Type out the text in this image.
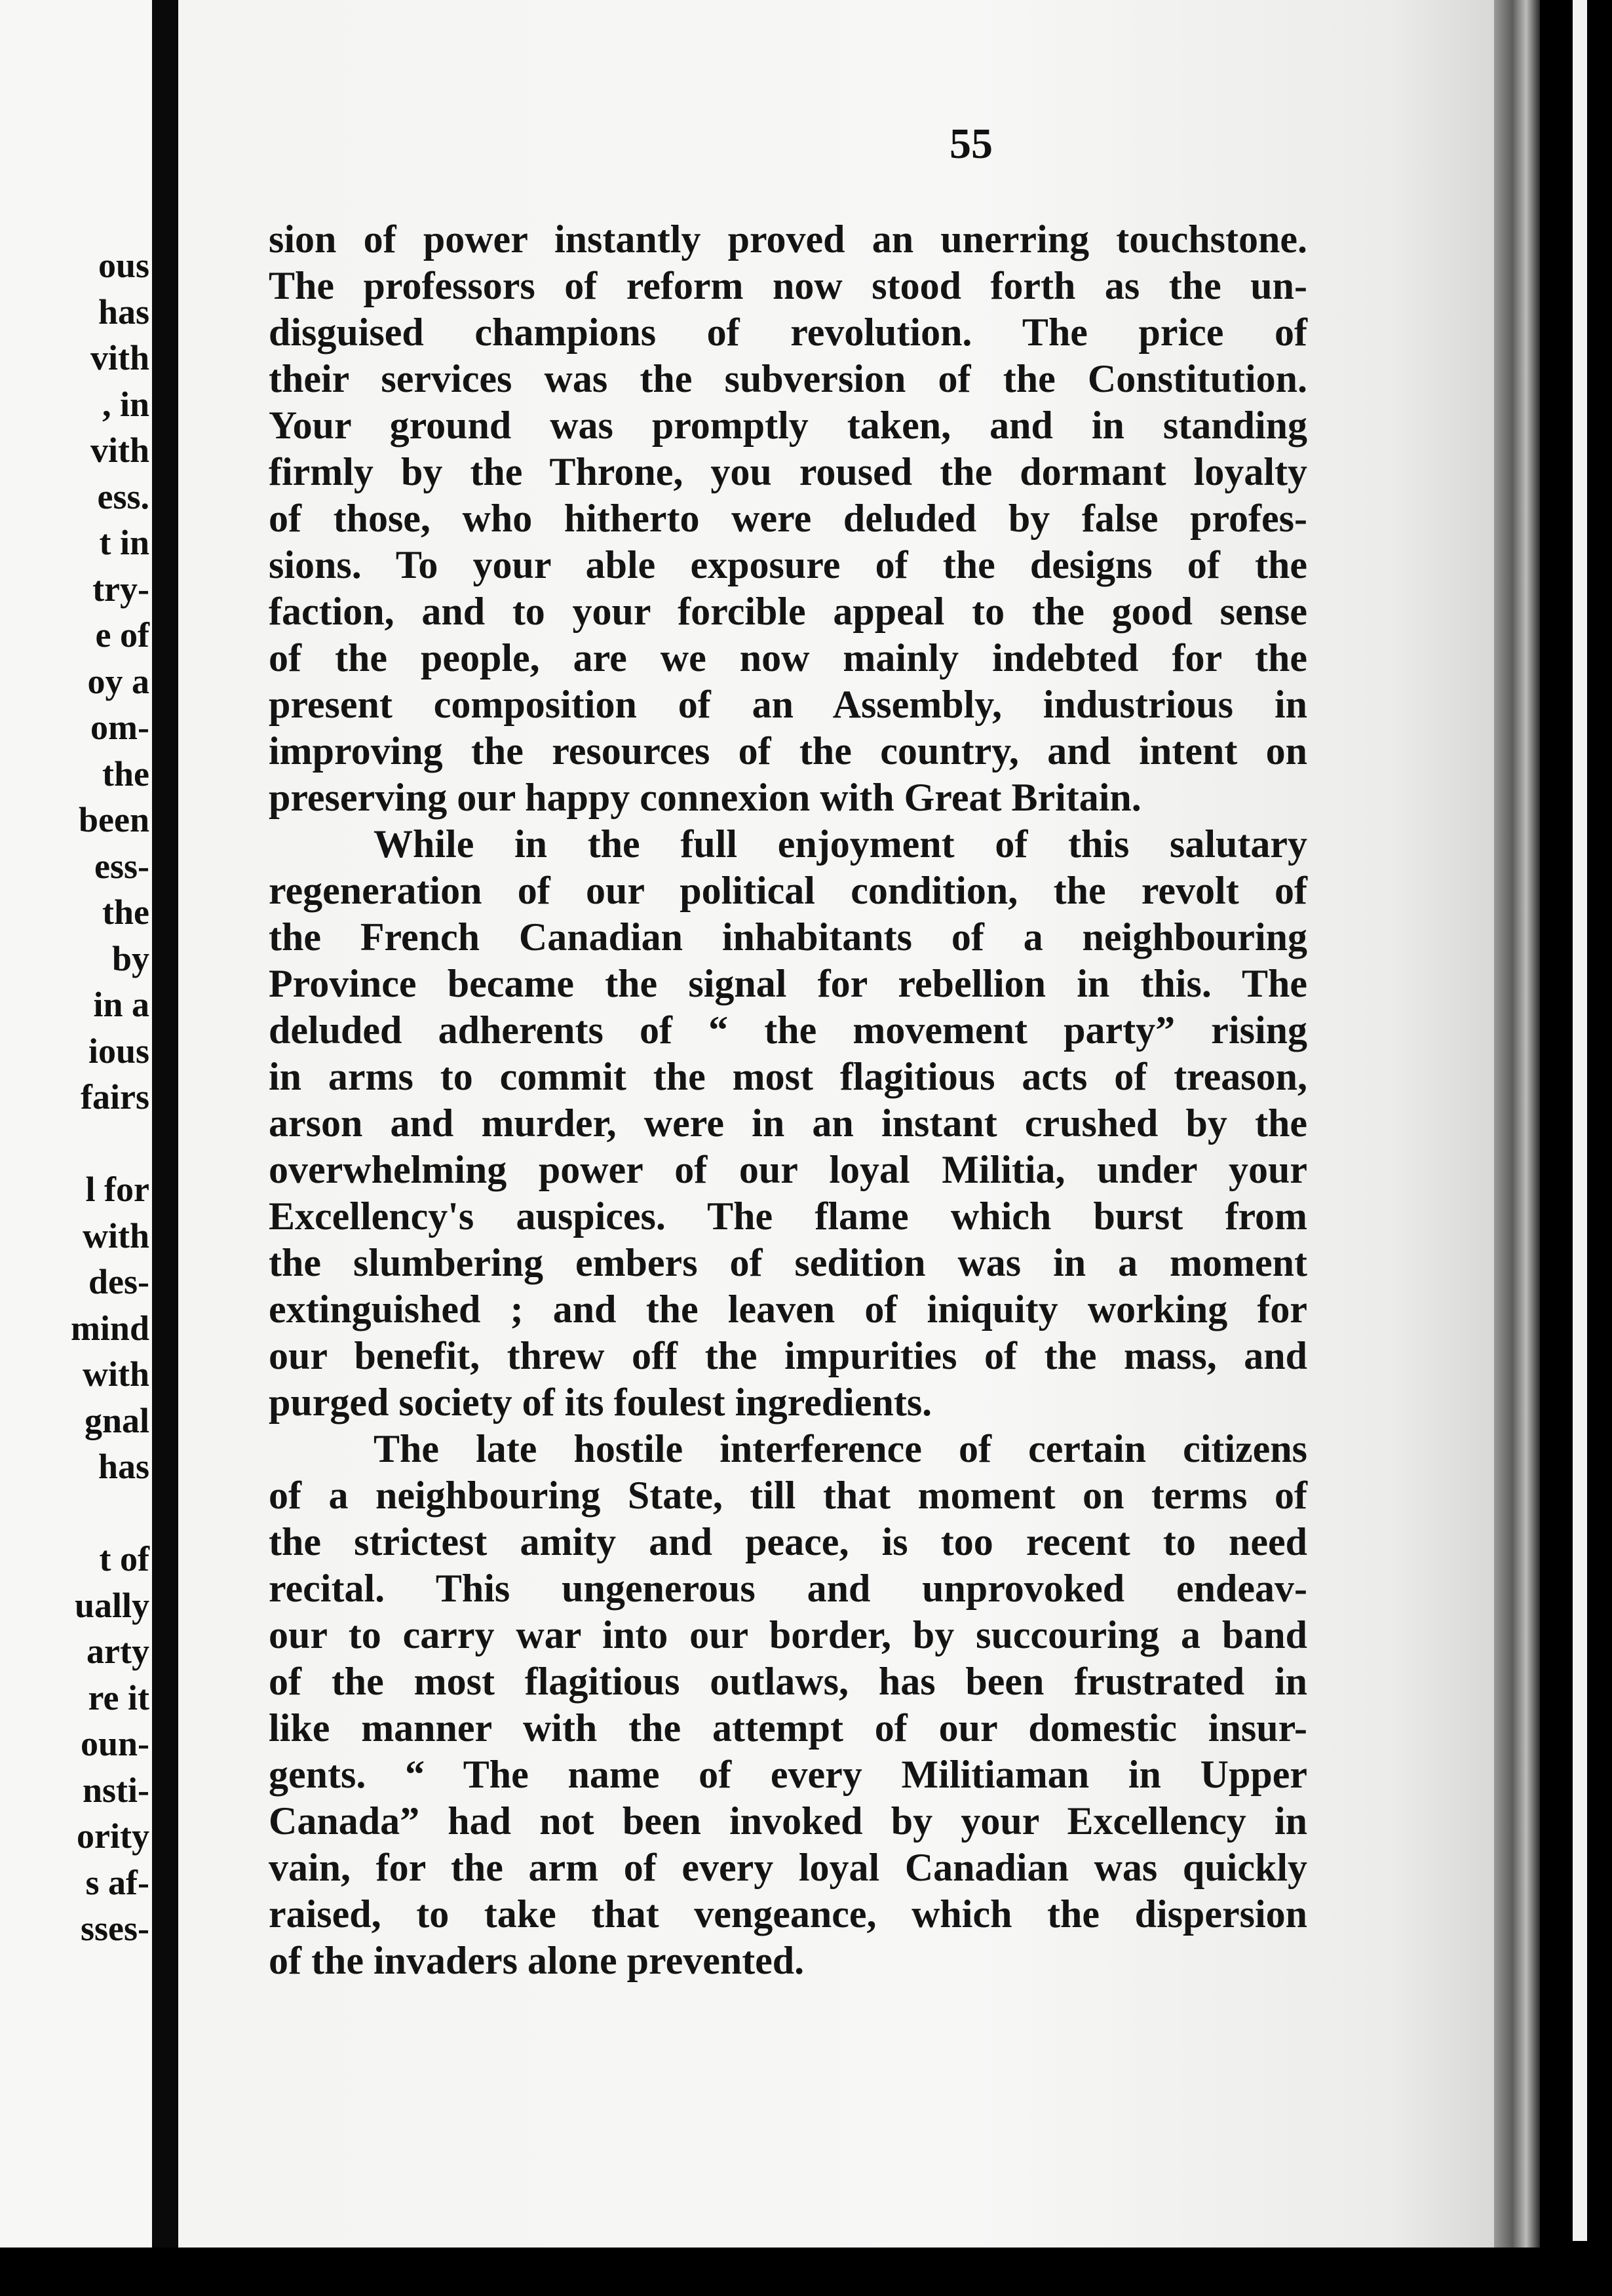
ous
has
vith
, in
vith
ess.
t in
try-
e of
oy a
om-
the
been
ess-
the
by
in a
ious
fairs
l for
with
des-
mind
with
gnal
has
t of
ually
arty
re it
oun-
nsti-
ority
s af-
sses-
55
sion of power instantly proved an unerring touchstone.
The professors of reform now stood forth as the un-
disguised champions of revolution. The price of
their services was the subversion of the Constitution.
Your ground was promptly taken, and in standing
firmly by the Throne, you roused the dormant loyalty
of those, who hitherto were deluded by false profes-
sions. To your able exposure of the designs of the
faction, and to your forcible appeal to the good sense
of the people, are we now mainly indebted for the
present composition of an Assembly, industrious in
improving the resources of the country, and intent on
preserving our happy connexion with Great Britain.
While in the full enjoyment of this salutary
regeneration of our political condition, the revolt of
the French Canadian inhabitants of a neighbouring
Province became the signal for rebellion in this. The
deluded adherents of “ the movement party” rising
in arms to commit the most flagitious acts of treason,
arson and murder, were in an instant crushed by the
overwhelming power of our loyal Militia, under your
Excellency's auspices. The flame which burst from
the slumbering embers of sedition was in a moment
extinguished ; and the leaven of iniquity working for
our benefit, threw off the impurities of the mass, and
purged society of its foulest ingredients.
The late hostile interference of certain citizens
of a neighbouring State, till that moment on terms of
the strictest amity and peace, is too recent to need
recital. This ungenerous and unprovoked endeav-
our to carry war into our border, by succouring a band
of the most flagitious outlaws, has been frustrated in
like manner with the attempt of our domestic insur-
gents. “ The name of every Militiaman in Upper
Canada” had not been invoked by your Excellency in
vain, for the arm of every loyal Canadian was quickly
raised, to take that vengeance, which the dispersion
of the invaders alone prevented.
